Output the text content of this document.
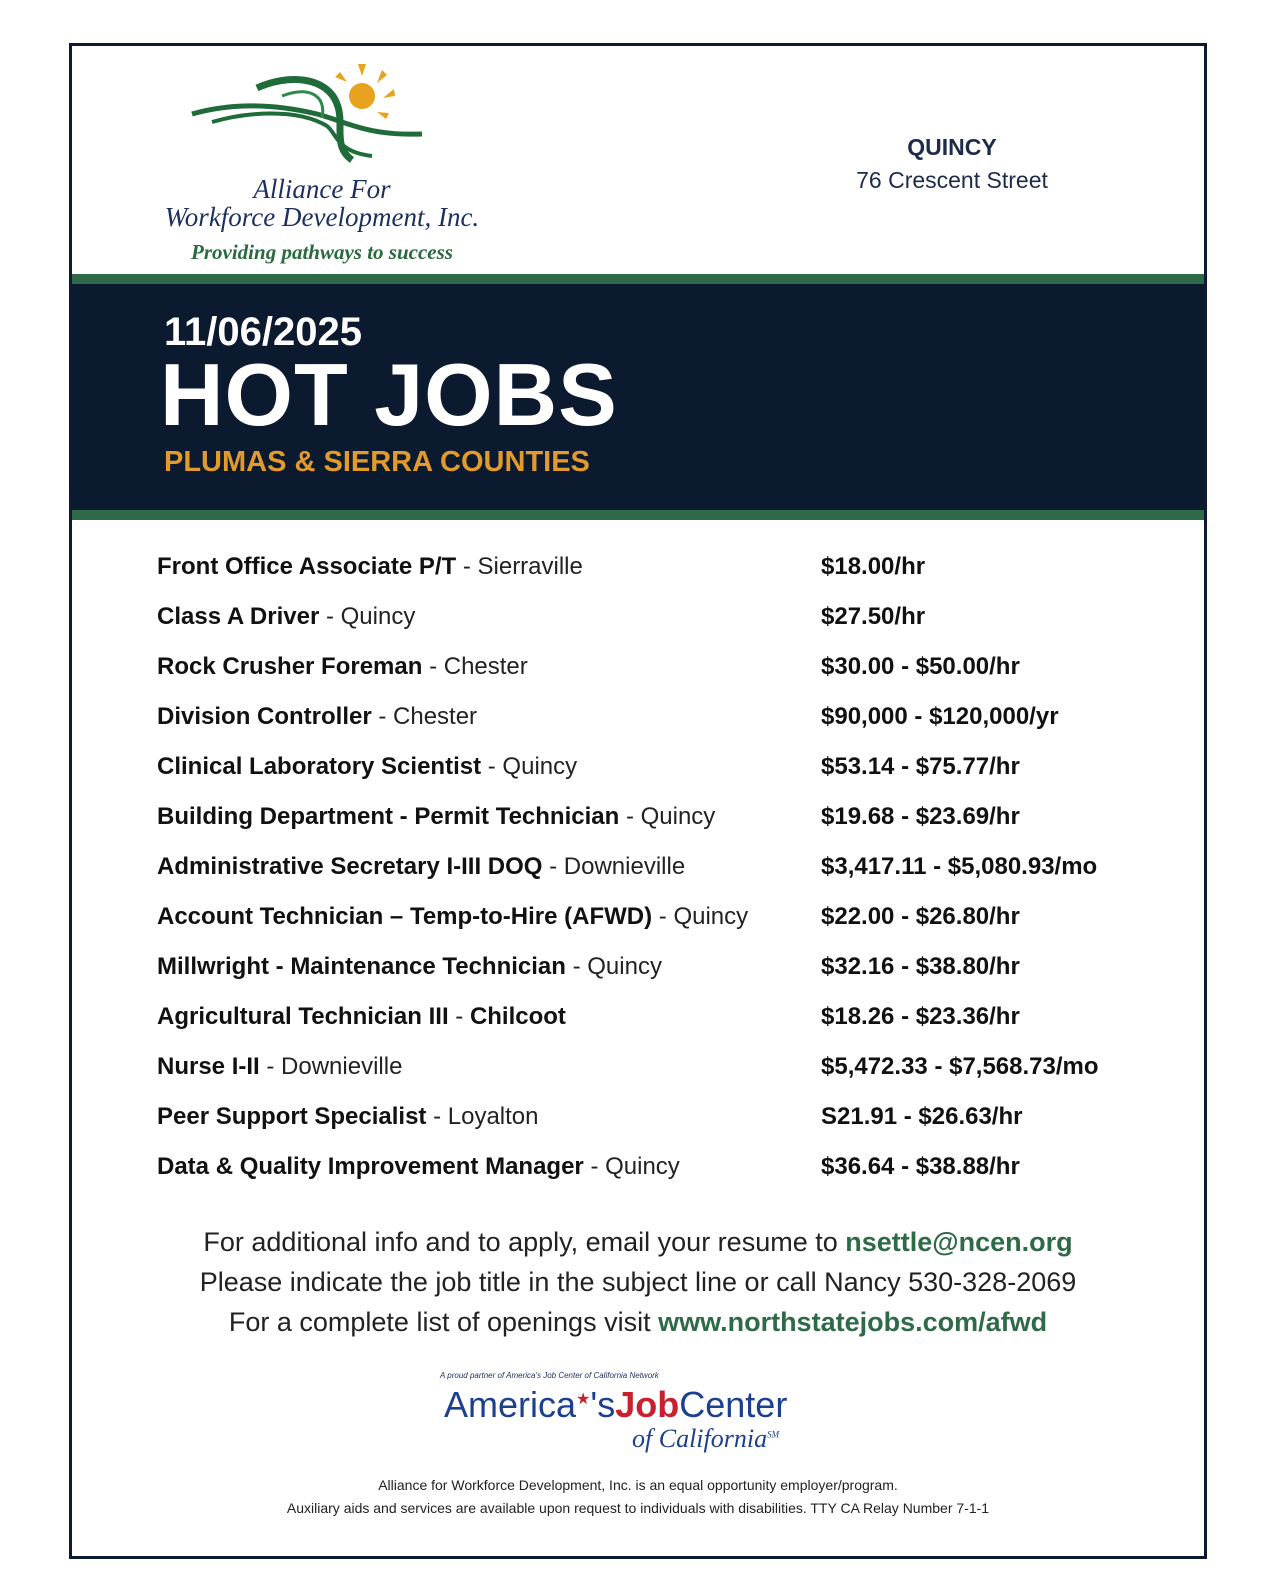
Alliance For
Workforce Development, Inc.
Providing pathways to success
QUINCY
76 Crescent Street
11/06/2025
HOT JOBS
PLUMAS & SIERRA COUNTIES
Front Office Associate P/T - Sierraville	$18.00/hr
Class A Driver - Quincy	$27.50/hr
Rock Crusher Foreman - Chester	$30.00 - $50.00/hr
Division Controller - Chester	$90,000 - $120,000/yr
Clinical Laboratory Scientist - Quincy	$53.14 - $75.77/hr
Building Department - Permit Technician - Quincy	$19.68 - $23.69/hr
Administrative Secretary I-III DOQ - Downieville	$3,417.11 - $5,080.93/mo
Account Technician – Temp-to-Hire (AFWD) - Quincy	$22.00 - $26.80/hr
Millwright - Maintenance Technician - Quincy	$32.16 - $38.80/hr
Agricultural Technician III - Chilcoot	$18.26 - $23.36/hr
Nurse I-II - Downieville	$5,472.33 - $7,568.73/mo
Peer Support Specialist - Loyalton	S21.91 - $26.63/hr
Data & Quality Improvement Manager - Quincy	$36.64 - $38.88/hr
For additional info and to apply, email your resume to nsettle@ncen.org
Please indicate the job title in the subject line or call Nancy 530-328-2069
For a complete list of openings visit www.northstatejobs.com/afwd
A proud partner of America's Job Center of California Network
America★'sJobCenter
of California℠
Alliance for Workforce Development, Inc. is an equal opportunity employer/program.
Auxiliary aids and services are available upon request to individuals with disabilities. TTY CA Relay Number 7-1-1
